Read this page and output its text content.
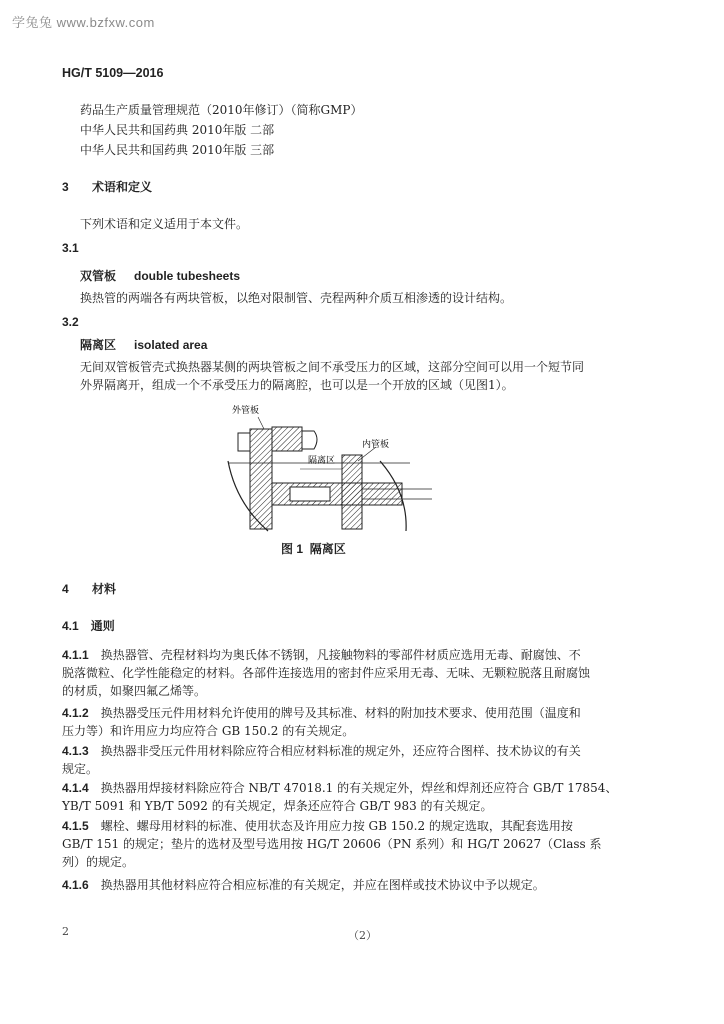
学兔兔 www.bzfxw.com
HG/T 5109—2016
药品生产质量管理规范（2010年修订）（简称GMP）
中华人民共和国药典 2010年版 二部
中华人民共和国药典 2010年版 三部
3 术语和定义
下列术语和定义适用于本文件。
3.1
双管板 double tubesheets
换热管的两端各有两块管板，以绝对限制管、壳程两种介质互相渗透的设计结构。
3.2
隔离区 isolated area
无间双管板管壳式换热器某侧的两块管板之间不承受压力的区域，这部分空间可以用一个短节同
外界隔离开，组成一个不承受压力的隔离腔，也可以是一个开放的区域（见图1）。
外管板
内管板
隔离区
图 1 隔离区
4 材料
4.1 通则
4.1.1 换热器管、壳程材料均为奥氏体不锈钢，凡接触物料的零部件材质应选用无毒、耐腐蚀、不
脱落微粒、化学性能稳定的材料。各部件连接选用的密封件应采用无毒、无味、无颗粒脱落且耐腐蚀
的材质，如聚四氟乙烯等。
4.1.2 换热器受压元件用材料允许使用的牌号及其标准、材料的附加技术要求、使用范围（温度和
压力等）和许用应力均应符合 GB 150.2 的有关规定。
4.1.3 换热器非受压元件用材料除应符合相应材料标准的规定外，还应符合图样、技术协议的有关
规定。
4.1.4 换热器用焊接材料除应符合 NB/T 47018.1 的有关规定外，焊丝和焊剂还应符合 GB/T 17854、
YB/T 5091 和 YB/T 5092 的有关规定，焊条还应符合 GB/T 983 的有关规定。
4.1.5 螺栓、螺母用材料的标准、使用状态及许用应力按 GB 150.2 的规定选取，其配套选用按
GB/T 151 的规定；垫片的选材及型号选用按 HG/T 20606（PN 系列）和 HG/T 20627（Class 系
列）的规定。
4.1.6 换热器用其他材料应符合相应标准的有关规定，并应在图样或技术协议中予以规定。
2	（2）
